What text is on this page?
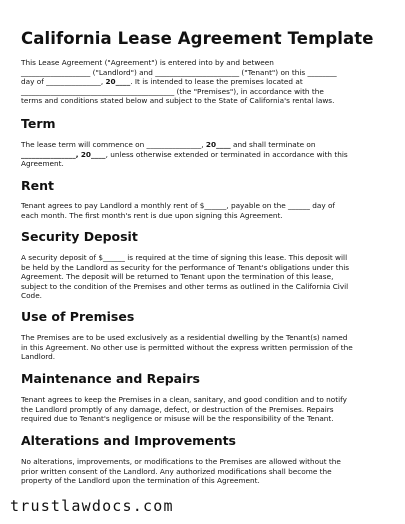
California Lease Agreement Template
This Lease Agreement ("Agreement") is entered into by and between
___________________ ("Landlord") and _______________________ ("Tenant") on this ________
day of _______________, 20____. It is intended to lease the premises located at
__________________________________________ (the "Premises"), in accordance with the
terms and conditions stated below and subject to the State of California's rental laws.
Term
The lease term will commence on _______________, 20____ and shall terminate on
_______________, 20____, unless otherwise extended or terminated in accordance with this
Agreement.
Rent
Tenant agrees to pay Landlord a monthly rent of $______, payable on the ______ day of
each month. The first month's rent is due upon signing this Agreement.
Security Deposit
A security deposit of $______ is required at the time of signing this lease. This deposit will
be held by the Landlord as security for the performance of Tenant's obligations under this
Agreement. The deposit will be returned to Tenant upon the termination of this lease,
subject to the condition of the Premises and other terms as outlined in the California Civil
Code.
Use of Premises
The Premises are to be used exclusively as a residential dwelling by the Tenant(s) named
in this Agreement. No other use is permitted without the express written permission of the
Landlord.
Maintenance and Repairs
Tenant agrees to keep the Premises in a clean, sanitary, and good condition and to notify
the Landlord promptly of any damage, defect, or destruction of the Premises. Repairs
required due to Tenant's negligence or misuse will be the responsibility of the Tenant.
Alterations and Improvements
No alterations, improvements, or modifications to the Premises are allowed without the
prior written consent of the Landlord. Any authorized modifications shall become the
property of the Landlord upon the termination of this Agreement.
trustlawdocs.com
